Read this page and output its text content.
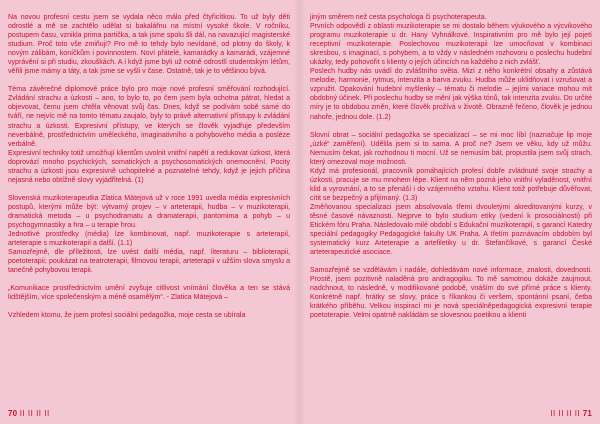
Na novou profesní cestu jsem se vydala něco málo před čtyřicítkou. To už byly děti odrostlé a mě se zachtělo udělat si bakalářnu na místní vysoké škole. V ročníku, postupem času, vznikla prima partička, a tak jsme spolu šli dál, na navazující magisterské studium. Proč toto vše zmiňuji? Pro mě to tehdy bylo nevídané, od plotny do školy, k novým zálibám, koníčkům i povinnostem. Noví přátelé, kamarádky a kamarádi, vzájemné vyprávění si při studiu, zkouškách. A i když jsme byli už notně odrostlí studentským létům, věřili jsme mámy a táty, a tak jsme se vyšli v čase. Ostatně, tak je to většinou bývá.

Téma závěrečné diplomové práce bylo pro moje nové profesní směřování rozhodující. Zvládání strachu a úzkosti – ano, to bylo to, po čem jsem byla ochotna pátrat, hledat a objevovat, čemu jsem chtěla věnovat svůj čas. Dnes, když se podívám sobě samé do tváří, ne nejvíc mě na tomto tématu zaujalo, byly to právě alternativní přístupy k zvládání strachu a úzkosti. Expresivní přístupy, ve kterých se člověk vyjadřuje především neverbálně, prostřednictvím uměleckého, imaginativního a pohybového média a posléze verbálně.

Expresivní techniky totiž umožňují klientům uvolnit vnitřní napětí a redukovat úzkost, která doprovází mnoho psychických, somatických a psychosomatických onemocnění. Pocity strachu a úzkosti jsou expresivně uchopitelné a poznatelné tehdy, když je jejich příčina nejasná nebo obtížně slovy vyjádřitelná. (1)

Slovenská muzikoterapeutka Zlatica Mátejová už v roce 1991 uvedla média expresivních postupů, kterými může být: výtvarný projev – v arteterapii, hudba – v muzikoterapii, dramatická metoda – u psychodramatu a dramaterapii, pantomima a pohyb – u psychogymnastiky a hra – u terapie hrou.

Jednotlivé prostředky (média) lze kombinovat, např. muzikoterapie s arteterapií, arteterapie s muzikoterapií a další. (1.1)

Samozřejmě, dle příležitosti, lze uvést další média, např. literaturu – biblioterapii, poetoterapii; poukázat na teatroterapii, filmovou terapii, arteterapii v užším slova smyslu a tanečně pohybovou terapii.

„Komunikace prostřednictvím umění zvyšuje citlivost vnímání člověka a ten se stává lidštějším, více společenským a méně osamělým“. - Zlatica Mátejová –

Vzhledem ktomu, že jsem profesí sociální pedagožka, moje cesta se ubírala

70 II II II II

jiným směrem než cesta psychologa či psychoterapeuta.

Prvních odpovědí z oblasti muzikoterapie se mi dostalo během výukového a výcvikového programu muzikoterapie u dr. Hany Vyhnálkové. Inspirativním pro mě bylo její pojetí receptivní muzikoterapie. Poslechovou muzikoterapii lze umocňovat v kombinaci skresbou, s imaginací, s pohybem, a to vždy v následném rozhovoru o poslechu hudební ukázky, tedy pohovořit s klienty o jejích účincích na každého z nich zvlášť.

Poslech hudby nás uvádí do zvláštního světa. Mizí z něho konkrétní obsahy a zůstává melodie, harmonie, rytmus, intenzita a barva zvuku. Hudba může uklidňovat i vzrušovat a vzpružit. Opakování hudební myšlenky – tématu či melodie – jejími variace mohou mít obdobný účinek. Při poslechu hudby se mění jak výška tónů, tak intenzita zvuku. Do určité míry je to obdobou změn, které člověk prožívá v životě. Obrazně řečeno, člověk je jednou nahoře, jednou dole. (1.2)

Slovní obrat – sociální pedagožka se specializací – se mi moc líbí (naznačuje lip moje „úzké“ zaměření). Udělila jsem si to sama. A proč ne? Jsem ve věku, kdy už můžu. Nemusím čekat, jak rozhodnou ti mocní. Už se nemusím bát, propustila jsem svůj strach, který omezoval moje možnosti.

Když má profesionál, pracovník pomáhajících profesí dobře zvládnuté svoje strachy a úzkosti, pracuje se mu mnohem lépe. Klient na něm pozná jeho vnitřní vyladěnost, vnitřní klid a vyrovnání, a to se přenáší i do vzájemného vztahu. Klient totiž potřebuje důvěřovat, cítit se bezpečný a přijímaný. (1.3)

Změňovanou specializaci jsem absolvovala třemi dvouletými akreditovanými kurzy, v těsné časové návaznosti. Nejprve to bylo studium etiky (vedení k prosociálnosti) při Etickém fóru Praha. Následovalo milé období s Edukační muzikoterapií, s garancí Katedry speciální pedagogiky Pedagogické fakulty UK Praha. A třetím poznávacím obdobím byl systematický kurz Arteterapie a artefiletiky u dr. Štefančíkové, s garancí České arteterapeutické asociace.

Samozřejmě se vzdělávám i nadále, dohledávám nové informace, znalosti, dovednosti. Prostě, jsem pozitivně naladěná pro andragogiku. To mě samotnou dokáže zaujmout, nadchnout, to následně, v modifikované podobě, vnáším do své přímé práce s klienty. Konkrétně např. hrátky se slovy, práce s říkankou či veršem, spontánní psaní, četba krátkého příběhu. Velkou inspirací mi je nová speciálněpedagogická expresivní terapie poetoterapie. Velmi opatrně nakládám se slovesnou poetikou a klienti

II II II II 71
